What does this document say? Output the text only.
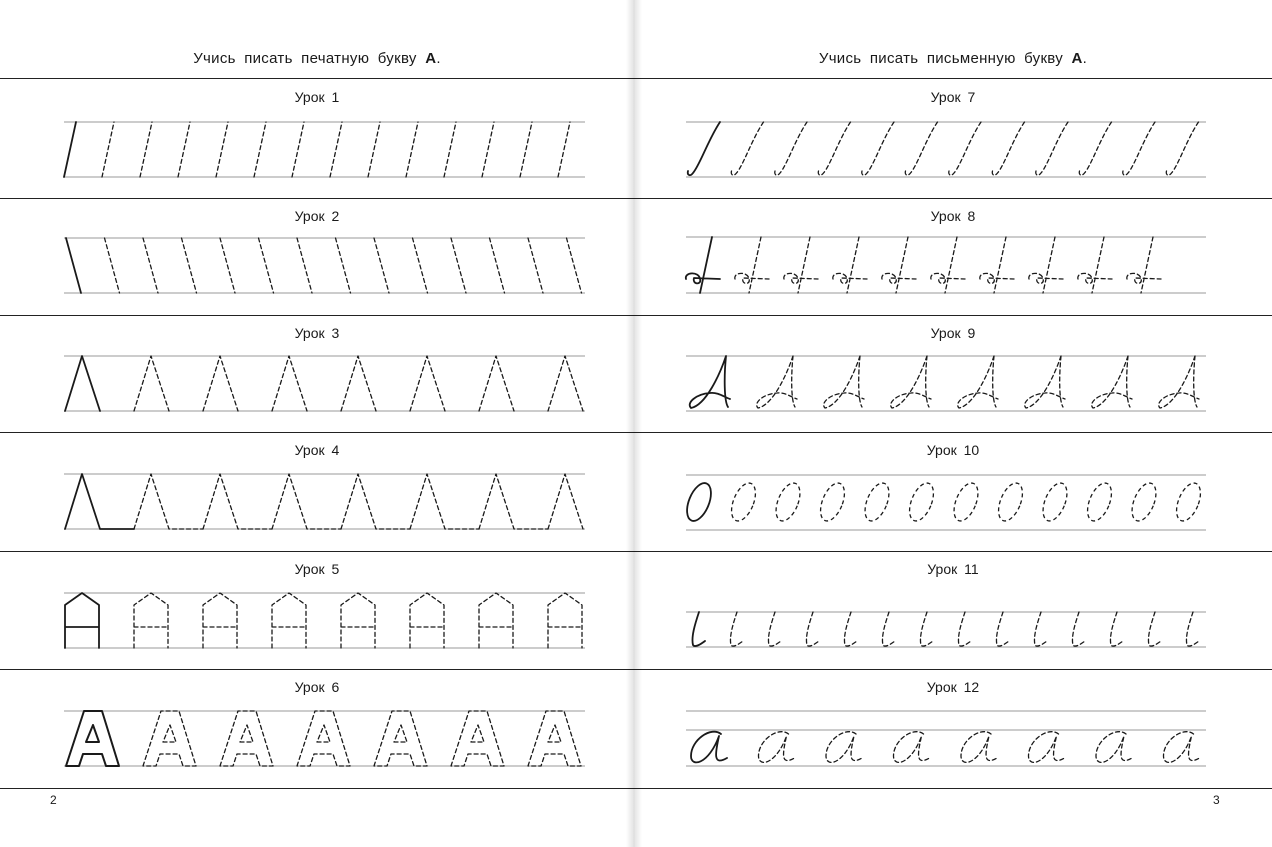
Учись писать печатную букву А.
Урок 1
Урок 2
Урок 3
Урок 4
Урок 5
Урок 6
2
Учись писать письменную букву А.
Урок 7
Урок 8
Урок 9
Урок 10
Урок 11
Урок 12
3
